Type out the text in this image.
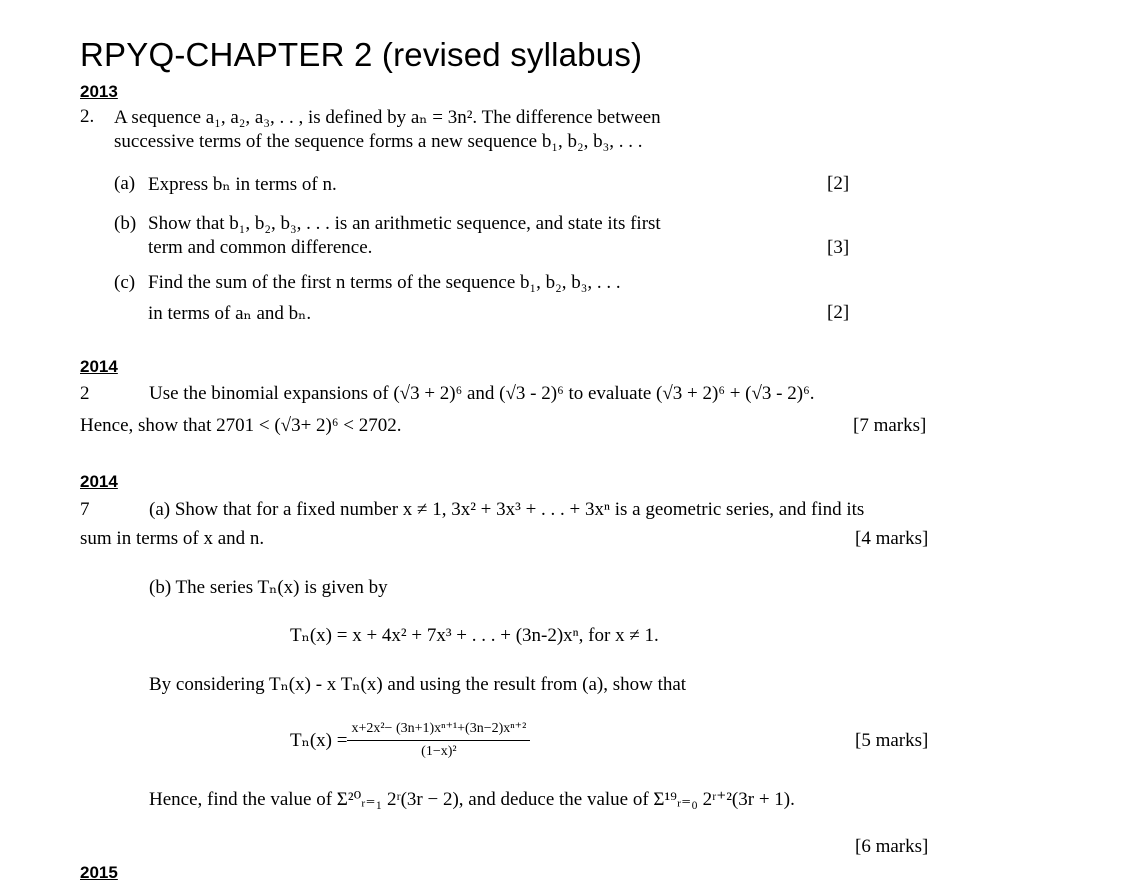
RPYQ-CHAPTER 2 (revised syllabus)
2013
2. A sequence a₁, a₂, a₃, . . , is defined by aₙ = 3n². The difference between
successive terms of the sequence forms a new sequence b₁, b₂, b₃, . . .
(a) Express bₙ in terms of n.	[2]
(b) Show that b₁, b₂, b₃, . . . is an arithmetic sequence, and state its first
term and common difference.	[3]
(c) Find the sum of the first n terms of the sequence b₁, b₂, b₃, . . .
in terms of aₙ and bₙ.	[2]
2014
2	Use the binomial expansions of (√3 + 2)⁶ and (√3 - 2)⁶ to evaluate (√3 + 2)⁶ + (√3 - 2)⁶.
Hence, show that 2701 < (√3+ 2)⁶ < 2702.	[7 marks]
2014
7	(a) Show that for a fixed number x ≠ 1, 3x² + 3x³ + . . . + 3xⁿ is a geometric series, and find its
sum in terms of x and n.	[4 marks]
(b) The series Tₙ(x) is given by
Tₙ(x) = x + 4x² + 7x³ + . . . + (3n-2)xⁿ, for x ≠ 1.
By considering Tₙ(x) - x Tₙ(x) and using the result from (a), show that
$T_n(x) = \frac{\text{x+2x²− (3n+1)xⁿ⁺¹+(3n−2)xⁿ⁺²}}{\text{(1−x)²}}$	[5 marks]
Hence, find the value of Σ²⁰ᵣ₌₁ 2ʳ(3r − 2), and deduce the value of Σ¹⁹ᵣ₌₀ 2ʳ⁺²(3r + 1).
[6 marks]
2015
